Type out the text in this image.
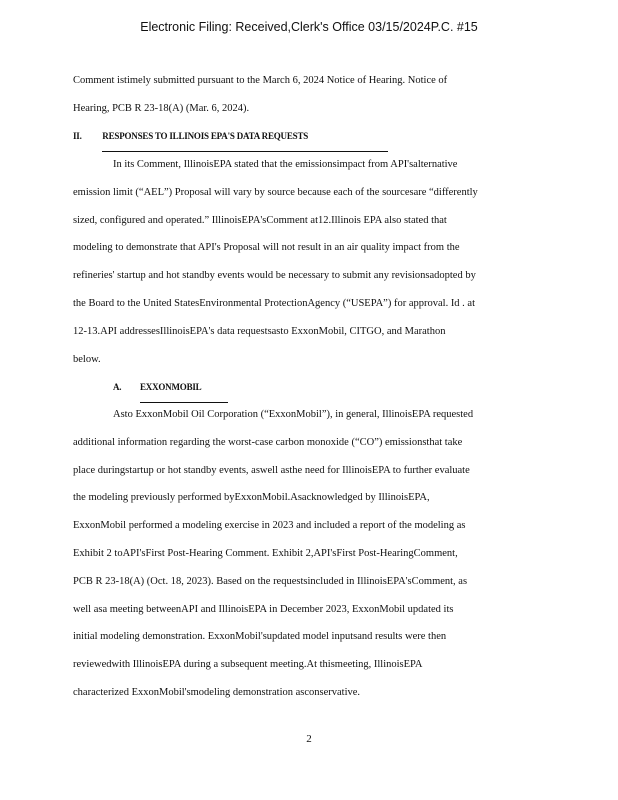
Electronic Filing: Received,Clerk's Office 03/15/2024P.C. #15
Comment istimely submitted pursuant to the March 6, 2024 Notice of Hearing. Notice of
Hearing, PCB R 23-18(A) (Mar. 6, 2024).
II. RESPONSES TO ILLINOIS EPA'S DATA REQUESTS
In its Comment, IllinoisEPA stated that the emissionsimpact from API'salternative
emission limit (“AEL”) Proposal will vary by source because each of the sourcesare “differently
sized, configured and operated.” IllinoisEPA'sComment at12.Illinois EPA also stated that
modeling to demonstrate that API's Proposal will not result in an air quality impact from the
refineries' startup and hot standby events would be necessary to submit any revisionsadopted by
the Board to the United StatesEnvironmental ProtectionAgency (“USEPA”) for approval. Id . at
12-13.API addressesIllinoisEPA's data requestsasto ExxonMobil, CITGO, and Marathon
below.
A. EXXONMOBIL
Asto ExxonMobil Oil Corporation (“ExxonMobil”), in general, IllinoisEPA requested
additional information regarding the worst-case carbon monoxide (“CO”) emissionsthat take
place duringstartup or hot standby events, aswell asthe need for IllinoisEPA to further evaluate
the modeling previously performed byExxonMobil.Asacknowledged by IllinoisEPA,
ExxonMobil performed a modeling exercise in 2023 and included a report of the modeling as
Exhibit 2 toAPI'sFirst Post-Hearing Comment. Exhibit 2,API'sFirst Post-HearingComment,
PCB R 23-18(A) (Oct. 18, 2023). Based on the requestsincluded in IllinoisEPA'sComment, as
well asa meeting betweenAPI and IllinoisEPA in December 2023, ExxonMobil updated its
initial modeling demonstration. ExxonMobil'supdated model inputsand results were then
reviewedwith IllinoisEPA during a subsequent meeting.At thismeeting, IllinoisEPA
characterized ExxonMobil'smodeling demonstration asconservative.
2
